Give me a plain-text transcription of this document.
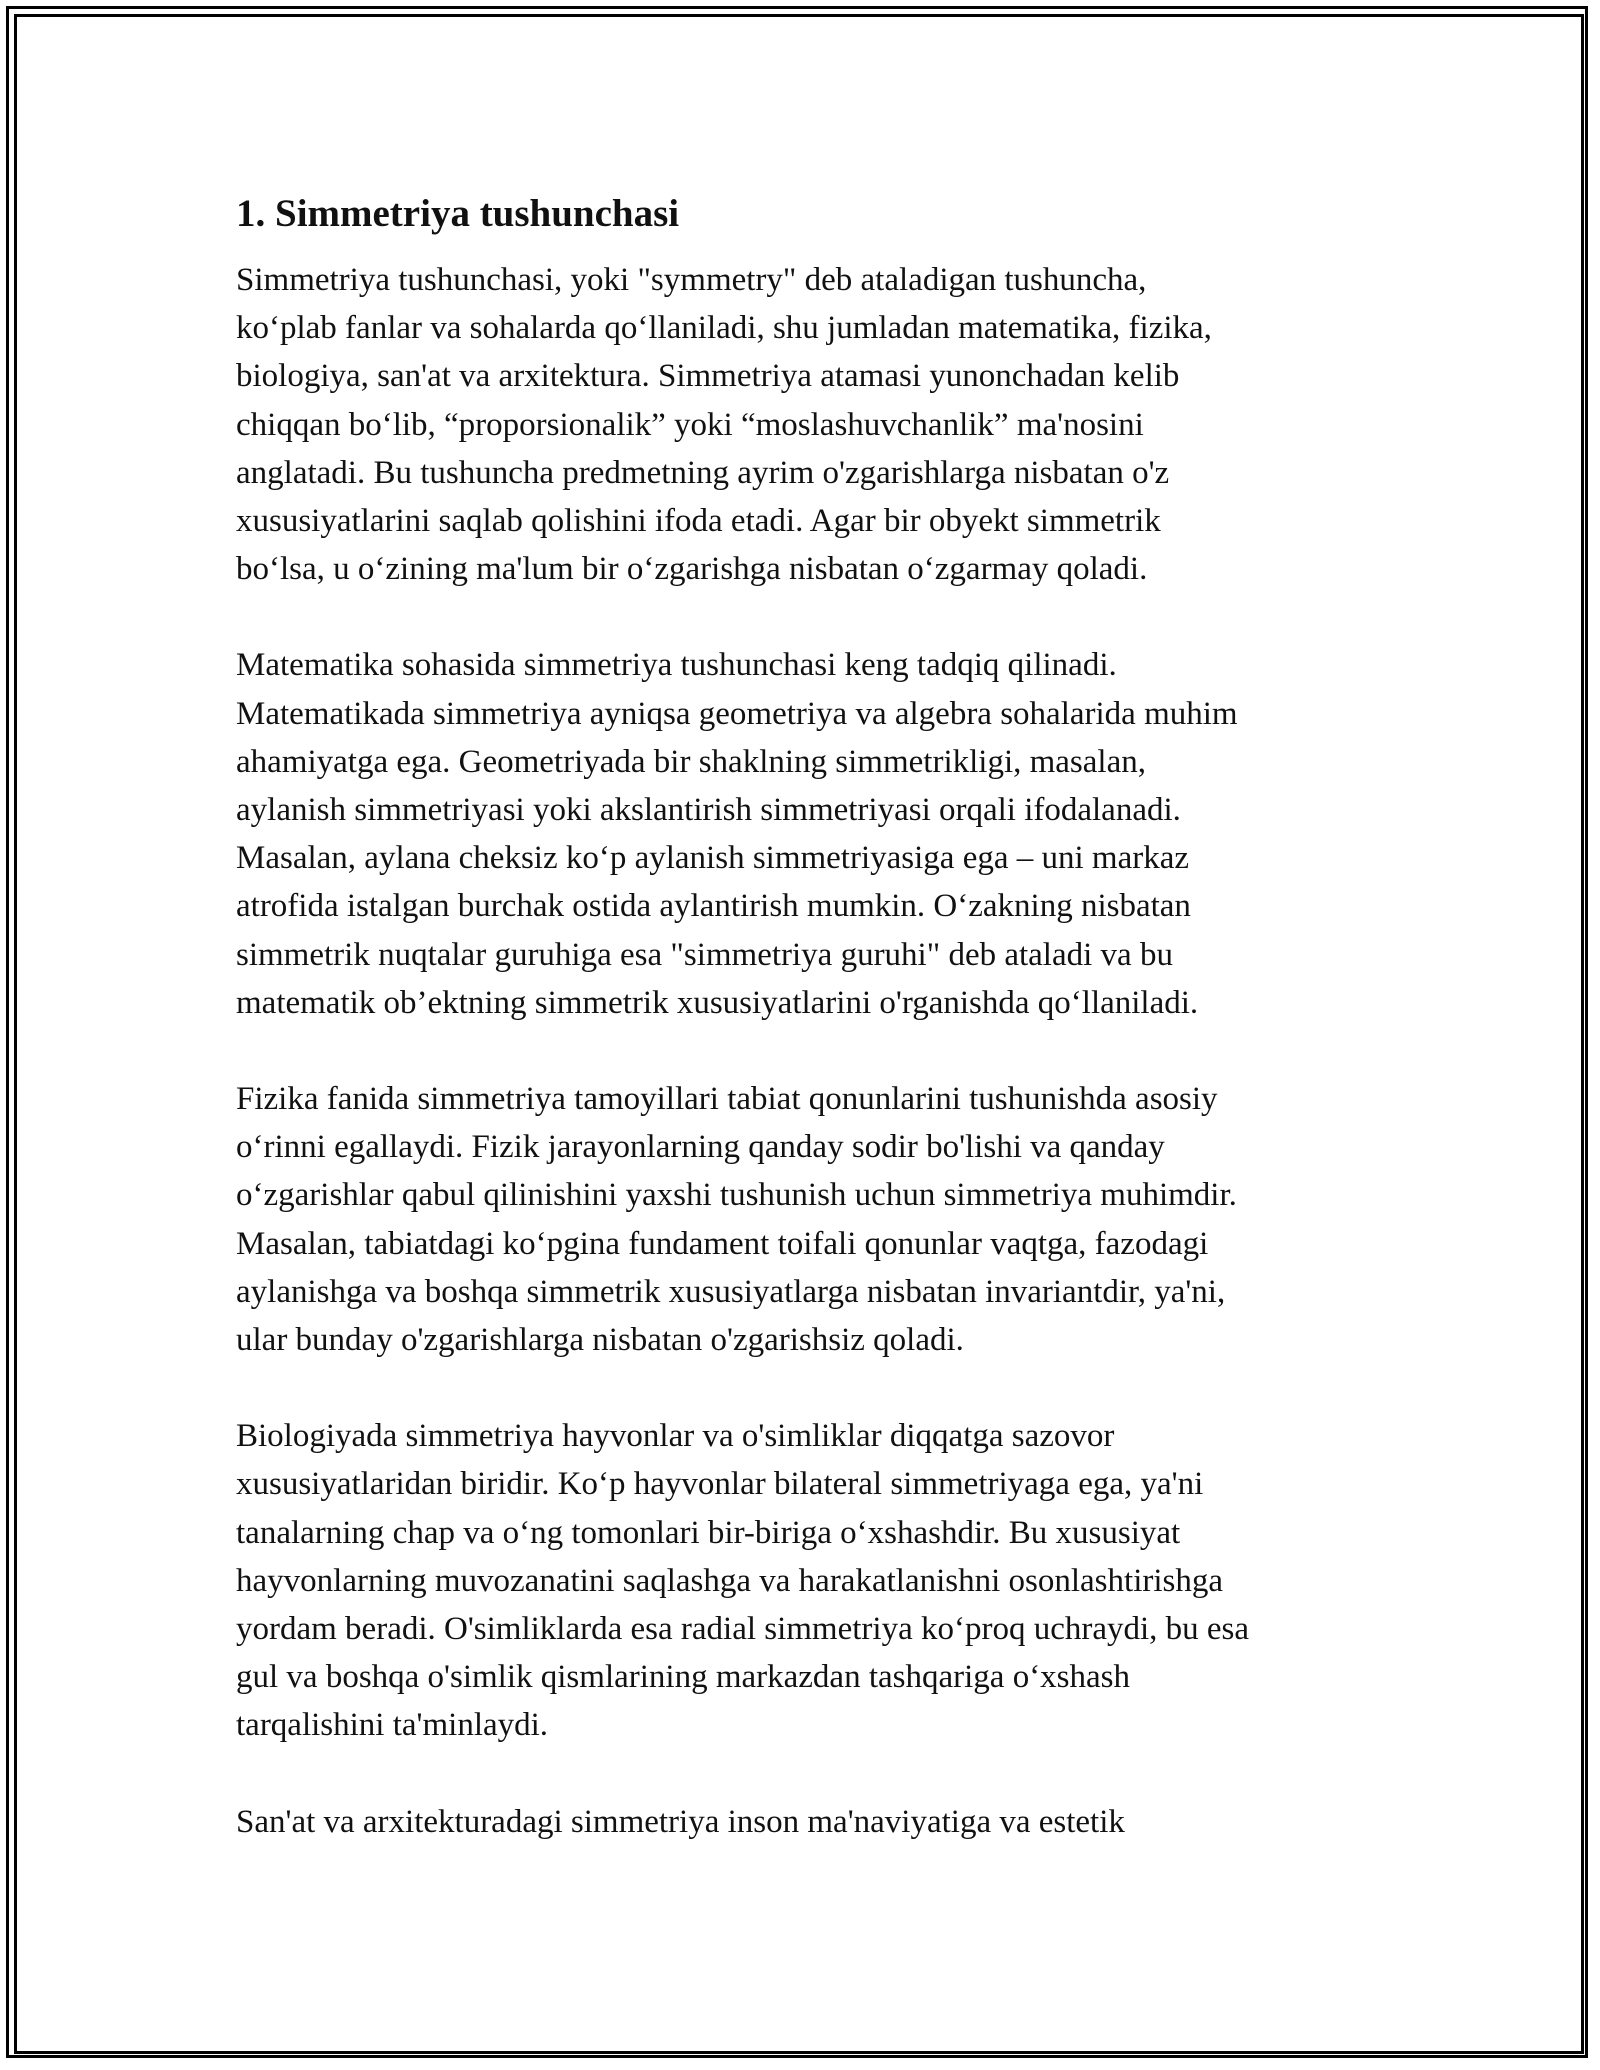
1. Simmetriya tushunchasi
Simmetriya tushunchasi, yoki "symmetry" deb ataladigan tushuncha,
ko‘plab fanlar va sohalarda qo‘llaniladi, shu jumladan matematika, fizika,
biologiya, san'at va arxitektura. Simmetriya atamasi yunonchadan kelib
chiqqan bo‘lib, “proporsionalik” yoki “moslashuvchanlik” ma'nosini
anglatadi. Bu tushuncha predmetning ayrim o'zgarishlarga nisbatan o'z
xususiyatlarini saqlab qolishini ifoda etadi. Agar bir obyekt simmetrik
bo‘lsa, u o‘zining ma'lum bir o‘zgarishga nisbatan o‘zgarmay qoladi.
Matematika sohasida simmetriya tushunchasi keng tadqiq qilinadi.
Matematikada simmetriya ayniqsa geometriya va algebra sohalarida muhim
ahamiyatga ega. Geometriyada bir shaklning simmetrikligi, masalan,
aylanish simmetriyasi yoki akslantirish simmetriyasi orqali ifodalanadi.
Masalan, aylana cheksiz ko‘p aylanish simmetriyasiga ega – uni markaz
atrofida istalgan burchak ostida aylantirish mumkin. O‘zakning nisbatan
simmetrik nuqtalar guruhiga esa "simmetriya guruhi" deb ataladi va bu
matematik ob’ektning simmetrik xususiyatlarini o'rganishda qo‘llaniladi.
Fizika fanida simmetriya tamoyillari tabiat qonunlarini tushunishda asosiy
o‘rinni egallaydi. Fizik jarayonlarning qanday sodir bo'lishi va qanday
o‘zgarishlar qabul qilinishini yaxshi tushunish uchun simmetriya muhimdir.
Masalan, tabiatdagi ko‘pgina fundament toifali qonunlar vaqtga, fazodagi
aylanishga va boshqa simmetrik xususiyatlarga nisbatan invariantdir, ya'ni,
ular bunday o'zgarishlarga nisbatan o'zgarishsiz qoladi.
Biologiyada simmetriya hayvonlar va o'simliklar diqqatga sazovor
xususiyatlaridan biridir. Ko‘p hayvonlar bilateral simmetriyaga ega, ya'ni
tanalarning chap va o‘ng tomonlari bir-biriga o‘xshashdir. Bu xususiyat
hayvonlarning muvozanatini saqlashga va harakatlanishni osonlashtirishga
yordam beradi. O'simliklarda esa radial simmetriya ko‘proq uchraydi, bu esa
gul va boshqa o'simlik qismlarining markazdan tashqariga o‘xshash
tarqalishini ta'minlaydi.
San'at va arxitekturadagi simmetriya inson ma'naviyatiga va estetik
